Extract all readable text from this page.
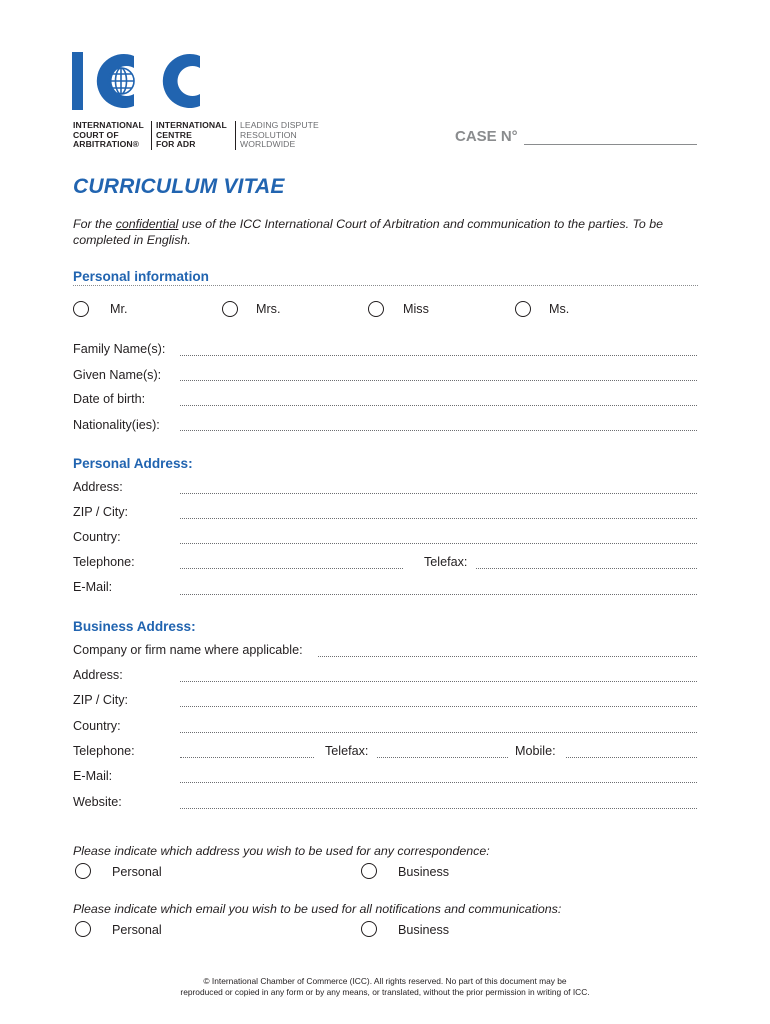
INTERNATIONAL
COURT OF
ARBITRATION®
INTERNATIONAL
CENTRE
FOR ADR
LEADING DISPUTE
RESOLUTION
WORLDWIDE	CASE N°
CURRICULUM VITAE
For the confidential use of the ICC International Court of Arbitration and communication to the parties. To be completed in English.
Personal information
Mr.	Mrs.	Miss	Ms.
Family Name(s):
Given Name(s):
Date of birth:
Nationality(ies):
Personal Address:
Address:
ZIP / City:
Country:
Telephone:	Telefax:
E-Mail:
Business Address:
Company or firm name where applicable:
Address:
ZIP / City:
Country:
Telephone:	Telefax:	Mobile:
E-Mail:
Website:
Please indicate which address you wish to be used for any correspondence:
Personal	Business
Please indicate which email you wish to be used for all notifications and communications:
Personal	Business
© International Chamber of Commerce (ICC). All rights reserved. No part of this document may be
reproduced or copied in any form or by any means, or translated, without the prior permission in writing of ICC.
